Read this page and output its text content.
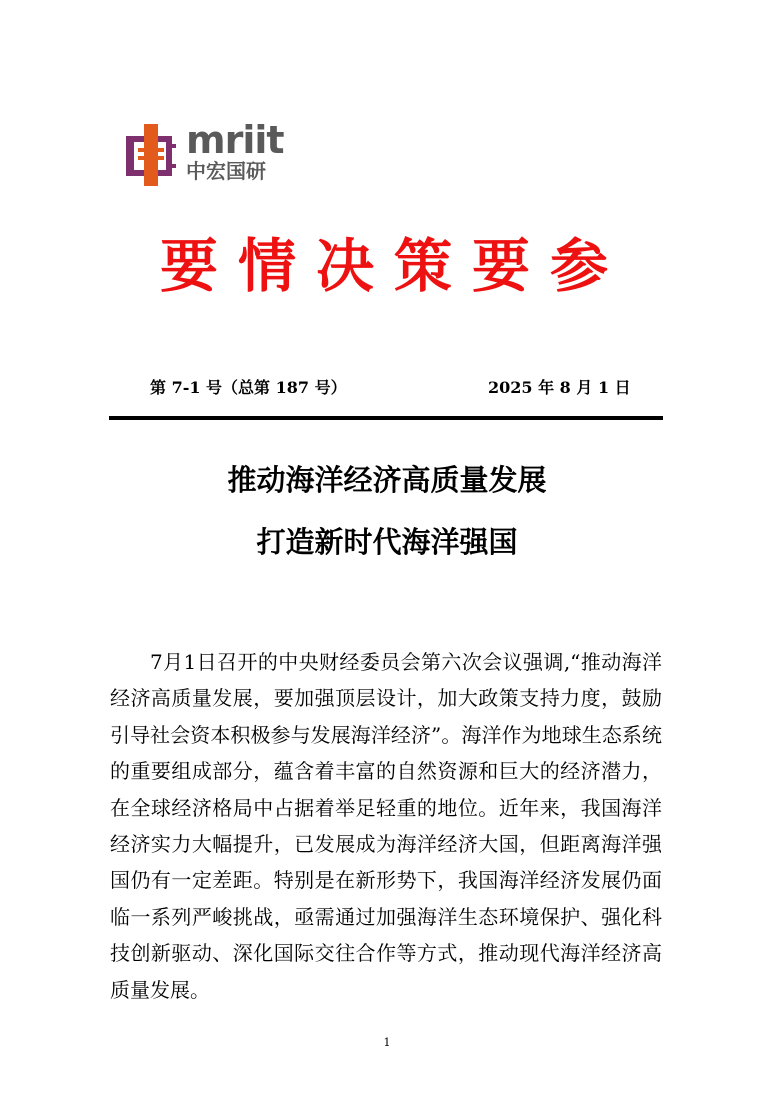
mriit
中宏国研
要情决策要参
第 7-1 号（总第 187 号）	2025 年 8 月 1 日
推动海洋经济高质量发展
打造新时代海洋强国

7月1日召开的中央财经委员会第六次会议强调,“推动海洋经济高质量发展，要加强顶层设计，加大政策支持力度，鼓励引导社会资本积极参与发展海洋经济”。海洋作为地球生态系统的重要组成部分，蕴含着丰富的自然资源和巨大的经济潜力，在全球经济格局中占据着举足轻重的地位。近年来，我国海洋经济实力大幅提升，已发展成为海洋经济大国，但距离海洋强国仍有一定差距。特别是在新形势下，我国海洋经济发展仍面临一系列严峻挑战，亟需通过加强海洋生态环境保护、强化科技创新驱动、深化国际交往合作等方式，推动现代海洋经济高质量发展。

1
